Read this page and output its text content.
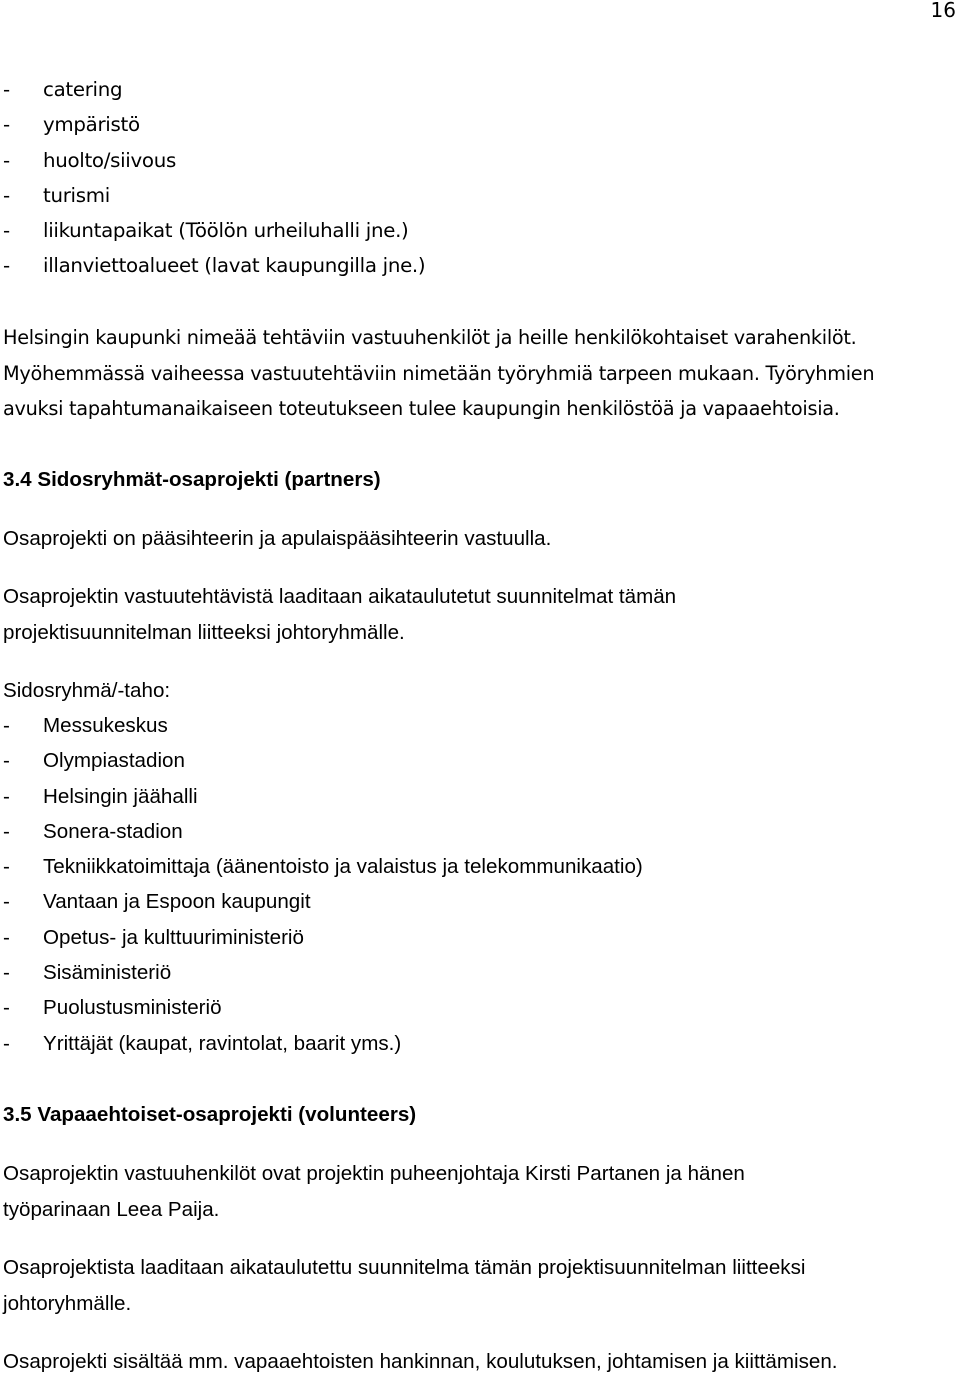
16
- catering
- ympäristö
- huolto/siivous
- turismi
- liikuntapaikat (Töölön urheiluhalli jne.)
- illanviettoalueet (lavat kaupungilla jne.)
Helsingin kaupunki nimeää tehtäviin vastuuhenkilöt ja heille henkilökohtaiset varahenkilöt.
Myöhemmässä vaiheessa vastuutehtäviin nimetään työryhmiä tarpeen mukaan. Työryhmien
avuksi tapahtumanaikaiseen toteutukseen tulee kaupungin henkilöstöä ja vapaaehtoisia.
3.4 Sidosryhmät-osaprojekti (partners)
Osaprojekti on pääsihteerin ja apulaispääsihteerin vastuulla.
Osaprojektin vastuutehtävistä laaditaan aikataulutetut suunnitelmat tämän
projektisuunnitelman liitteeksi johtoryhmälle.
Sidosryhmä/-taho:
- Messukeskus
- Olympiastadion
- Helsingin jäähalli
- Sonera-stadion
- Tekniikkatoimittaja (äänentoisto ja valaistus ja telekommunikaatio)
- Vantaan ja Espoon kaupungit
- Opetus- ja kulttuuriministeriö
- Sisäministeriö
- Puolustusministeriö
- Yrittäjät (kaupat, ravintolat, baarit yms.)
3.5 Vapaaehtoiset-osaprojekti (volunteers)
Osaprojektin vastuuhenkilöt ovat projektin puheenjohtaja Kirsti Partanen ja hänen
työparinaan Leea Paija.
Osaprojektista laaditaan aikataulutettu suunnitelma tämän projektisuunnitelman liitteeksi
johtoryhmälle.
Osaprojekti sisältää mm. vapaaehtoisten hankinnan, koulutuksen, johtamisen ja kiittämisen.
